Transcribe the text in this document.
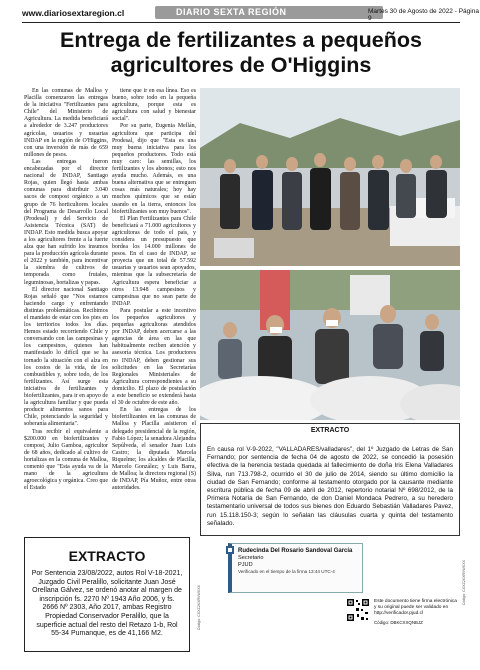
www.diariosextaregion.cl	DIARIO SEXTA REGIÓN	Martes 30 de Agosto de 2022 - Página 9
Entrega de fertilizantes a pequeños agricultores de O'Higgins

En las comunas de Malloa y Placilla comenzaron las entregas de la iniciativa "Fertilizantes para Chile" del Ministerio de Agricultura. La medida beneficiará a alrededor de 3.247 productores agrícolas, usuarios y usuarias INDAP en la región de O'Higgins, con una inversión de más de 659 millones de pesos.

Las entregas fueron encabezadas por el director nacional de INDAP, Santiago Rojas, quien llegó hasta ambas comunas para distribuir 3.040 sacos de compost orgánico a un grupo de 76 horticultores locales del Programa de Desarrollo Local (Prodesal) y del Servicio de Asistencia Técnica (SAT) de INDAP. Esto medida busca apoyar a los agricultores frente a la fuerte alza que han sufrido los insumos para la producción agrícola durante el 2022 y también, para incentivar la siembra de cultivos de temporada como frutales, leguminosas, hortalizas y papas.

El director nacional Santiago Rojas señaló que "Nos estamos haciendo cargo y enfrentando distintas problemáticas. Recibimos el mandato de estar con los pies en los territorios todos los días. Hemos estado recorriendo Chile y conversando con las campesinas y los campesinos, quienes han manifestado lo difícil que se ha tornado la situación con el alza en los costos de la vida, de los combustibles y, sobre todo, de los fertilizantes. Así surge esta iniciativa de fertilizantes y biofertilizantes, para ir en apoyo de la agricultura familiar y que pueda producir alimentos sanos para Chile, potenciando la seguridad y soberanía alimentaria".

Tras recibir el equivalente a $200.000 en biofertilizantes y compost, Julio Gamboa, agricultor de 68 años, dedicado al cultivo de hortalizas en la comuna de Malloa, comentó que "Esta ayuda va de la mano de la agricultura agroecológica y orgánica. Creo que el Estado

tiene que ir en esa línea. Eso es bueno, sobre todo en la pequeña agricultura, porque esta es agricultura con salud y bienestar social".

Por su parte, Eugenia Mellán, agricultora que participa del Prodesal, dijo que "Esta es una muy buena iniciativa para los pequeños productores. Todo está muy caro: las semillas, los fertilizantes y los abonos; esto nos ayuda mucho. Además, es una buena alternativa que se entreguen cosas más naturales; hoy hay muchos químicos que se están usando en la tierra, entonces los biofertilizantes son muy buenos".

El Plan Fertilizantes para Chile beneficiará a 71.000 agricultores y agricultoras de todo el país, y considera un presupuesto que bordea los 14.000 millones de pesos. En el caso de INDAP, se proyecta que un total de 57.592 usuarias y usuarios sean apoyados, mientras que la subsecretaría de Agricultura espera beneficiar a otros 13.948 campesinos y campesinas que no sean parte de INDAP.

Para postular a este incentivo los pequeños agricultores y pequeñas agricultoras atendidos por INDAP, deben acercarse a las agencias de área en las que habitualmente reciben atención y asesoría técnica. Los productores no INDAP, deben gestionar sus solicitudes en las Secretarías Regionales Ministeriales de Agricultura correspondientes a su domicilio. El plazo de postulación a este beneficio se extenderá hasta el 30 de octubre de este año.

En las entregas de los biofertilizantes en las comunas de Malloa y Placilla asistieron el delegado presidencial de la región, Fabio López; la senadora Alejandra Sepúlveda, el senador Juan Luis Castro; la diputada Marcela Riquelme; los alcaldes de Placilla, Marcelo González; y Luis Barra, de Malloa; la directora regional (S) de INDAP, Pía Muñoz, entre otras autoridades.

EXTRACTO
En causa rol V-9-2022, "VALLADARES/valladares", del 1º Juzgado de Letras de San Fernando; por sentencia de fecha 04 de agosto de 2022, se concedió la posesión efectiva de la herencia testada quedada al fallecimiento de doña Iris Elena Valladares Silva, run 713.798-2, ocurrido el 30 de julio de 2014, siendo su último domicilio la ciudad de San Fernando; conforme al testamento otorgado por la causante mediante escritura pública de fecha 09 de abril de 2012, repertorio notarial Nº 698/2012, de la Primera Notaría de San Fernando, de don Daniel Mondaca Pedrero, a su heredero testamentario universal de todos sus bienes don Eduardo Sebastián Valladares Pavez, run 15.118.150-3; según lo señalan las cláusulas cuarta y quinta del testamento señalado.
EXTRACTO
Por Sentencia 23/08/2022, autos Rol V-18-2021, Juzgado Civil Peralillo, solicitante Juan José Orellana Gálvez, se ordenó anotar al margen de inscripción fs. 2270 Nº 1943 Año 2006, y fs. 2666 Nº 2303, Año 2017, ambas Registro Propiedad Conservador Peralillo, que la superficie actual del resto del Retazo 1-b, Rol 55-34 Pumanque, es de 41,166 M2.
Código: CXXZ2XXRVWXXX
Código: CXXZ2XXRVWXXX
Rudecinda Del Rosario Sandoval García
Secretario
PJUD
Verificado en el tiempo de la firma 13:44 UTC-4
Este documento tiene firma electrónica y su original puede ser validado en http://verificador.pjud.cl
Código: DBKCXXQNBJZ
